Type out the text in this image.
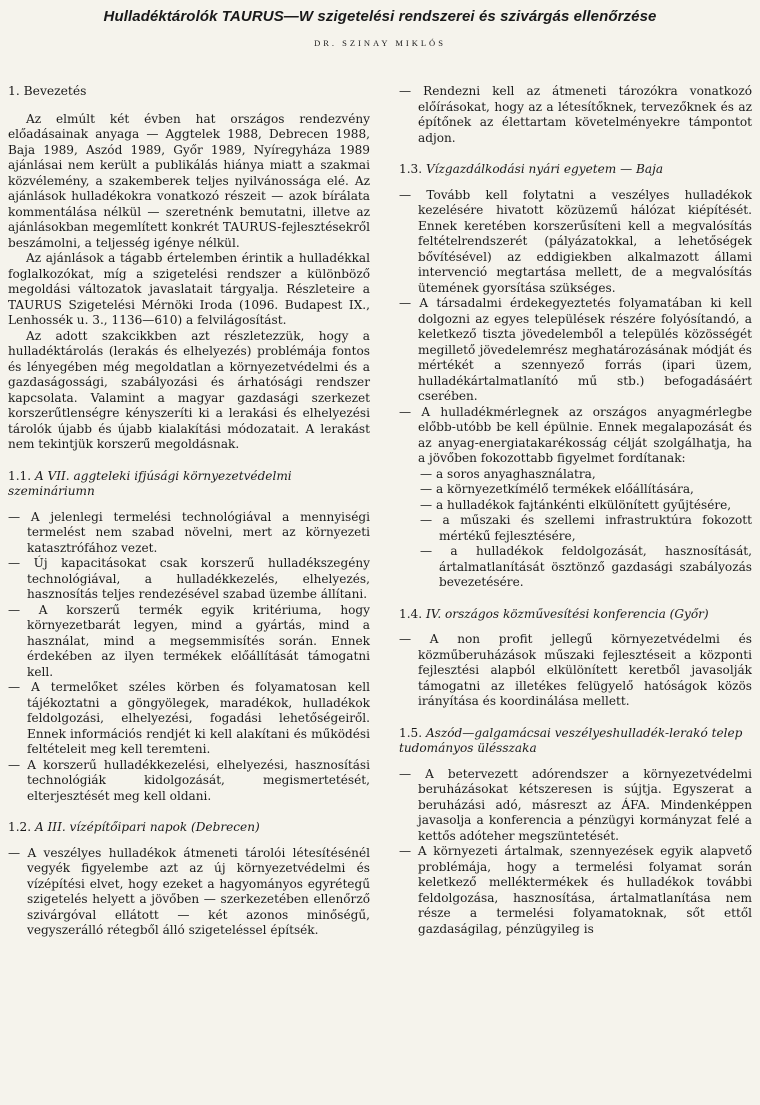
Hulladéktárolók TAURUS—W szigetelési rendszerei és szivárgás ellenőrzése
DR. SZINAY MIKLÓS
1. Bevezetés

Az elmúlt két évben hat országos rendezvény előadásainak anyaga — Aggtelek 1988, Debrecen 1988, Baja 1989, Aszód 1989, Győr 1989, Nyíregyháza 1989 ajánlásai nem került a publikálás hiánya miatt a szakmai közvélemény, a szakemberek teljes nyilvánossága elé. Az ajánlások hulladékokra vonatkozó részeit — azok bírálata kommentálása nélkül — szeretnénk bemutatni, illetve az ajánlásokban megemlített konkrét TAURUS-fejlesztésekről beszámolni, a teljesség igénye nélkül.

Az ajánlások a tágabb értelemben érintik a hulladékkal foglalkozókat, míg a szigetelési rendszer a különböző megoldási változatok javaslatait tárgyalja. Részleteire a TAURUS Szigetelési Mérnöki Iroda (1096. Budapest IX., Lenhossék u. 3., 1136—610) a felvilágosítást.

Az adott szakcikkben azt részletezzük, hogy a hulladéktárolás (lerakás és elhelyezés) problémája fontos és lényegében még megoldatlan a környezetvédelmi és a gazdaságossági, szabályozási és árhatósági rendszer kapcsolata. Valamint a magyar gazdasági szerkezet korszerűtlenségre kényszeríti ki a lerakási és elhelyezési tárolók újabb és újabb kialakítási módozatait. A lerakást nem tekintjük korszerű megoldásnak.

1.1. A VII. aggteleki ifjúsági környezetvédelmi szemináriumn
— A jelenlegi termelési technológiával a mennyiségi termelést nem szabad növelni, mert az környezeti katasztrófához vezet.
— Új kapacitásokat csak korszerű hulladékszegény technológiával, a hulladékkezelés, elhelyezés, hasznosítás teljes rendezésével szabad üzembe állítani.
— A korszerű termék egyik kritériuma, hogy környezetbarát legyen, mind a gyártás, mind a használat, mind a megsemmisítés során. Ennek érdekében az ilyen termékek előállítását támogatni kell.
— A termelőket széles körben és folyamatosan kell tájékoztatni a göngyölegek, maradékok, hulladékok feldolgozási, elhelyezési, fogadási lehetőségeiről. Ennek információs rendjét ki kell alakítani és működési feltételeit meg kell teremteni.
— A korszerű hulladékkezelési, elhelyezési, hasznosítási technológiák kidolgozását, megismertetését, elterjesztését meg kell oldani.
1.2. A III. vízépítőipari napok (Debrecen)
— A veszélyes hulladékok átmeneti tárolói létesítésénél vegyék figyelembe azt az új környezetvédelmi és vízépítési elvet, hogy ezeket a hagyományos egyrétegű szigetelés helyett a jövőben — szerkezetében ellenőrző szivárgóval ellátott — két azonos minőségű, vegyszerálló rétegből álló szigeteléssel építsék.
— Rendezni kell az átmeneti tározókra vonatkozó előírásokat, hogy az a létesítőknek, tervezőknek és az építőnek az élettartam követelményekre támpontot adjon.
1.3. Vízgazdálkodási nyári egyetem — Baja
— Tovább kell folytatni a veszélyes hulladékok kezelésére hivatott közüzemű hálózat kiépítését. Ennek keretében korszerűsíteni kell a megvalósítás feltételrendszerét (pályázatokkal, a lehetőségek bővítésével) az eddigiekben alkalmazott állami intervenció megtartása mellett, de a megvalósítás ütemének gyorsítása szükséges.
— A társadalmi érdekegyeztetés folyamatában ki kell dolgozni az egyes települések részére folyósítandó, a keletkező tiszta jövedelemből a település közösségét megillető jövedelemrész meghatározásának módját és mértékét a szennyező forrás (ipari üzem, hulladékártalmatlanító mű stb.) befogadásáért cserében.
— A hulladékmérlegnek az országos anyagmérlegbe előbb-utóbb be kell épülnie. Ennek megalapozását és az anyag-energiatakarékosság célját szolgálhatja, ha a jövőben fokozottabb figyelmet fordítanak:
— a soros anyaghasználatra,
— a környezetkímélő termékek előállítására,
— a hulladékok fajtánkénti elkülönített gyűjtésére,
— a műszaki és szellemi infrastruktúra fokozott mértékű fejlesztésére,
— a hulladékok feldolgozását, hasznosítását, ártalmatlanítását ösztönző gazdasági szabályozás bevezetésére.
1.4. IV. országos közművesítési konferencia (Győr)
— A non profit jellegű környezetvédelmi és közműberuházások műszaki fejlesztéseit a központi fejlesztési alapból elkülönített keretből javasolják támogatni az illetékes felügyelő hatóságok közös irányítása és koordinálása mellett.
1.5. Aszód—galgamácsai veszélyeshulladék-lerakó telep tudományos ülésszaka
— A betervezett adórendszer a környezetvédelmi beruházásokat kétszeresen is sújtja. Egyszerat a beruházási adó, másreszt az ÁFA. Mindenképpen javasolja a konferencia a pénzügyi kormányzat felé a kettős adóteher megszüntetését.
— A környezeti ártalmak, szennyezések egyik alapvető problémája, hogy a termelési folyamat során keletkező melléktermékek és hulladékok további feldolgozása, hasznosítása, ártalmatlanítása nem része a termelési folyamatoknak, sőt ettől gazdaságilag, pénzügyileg is
